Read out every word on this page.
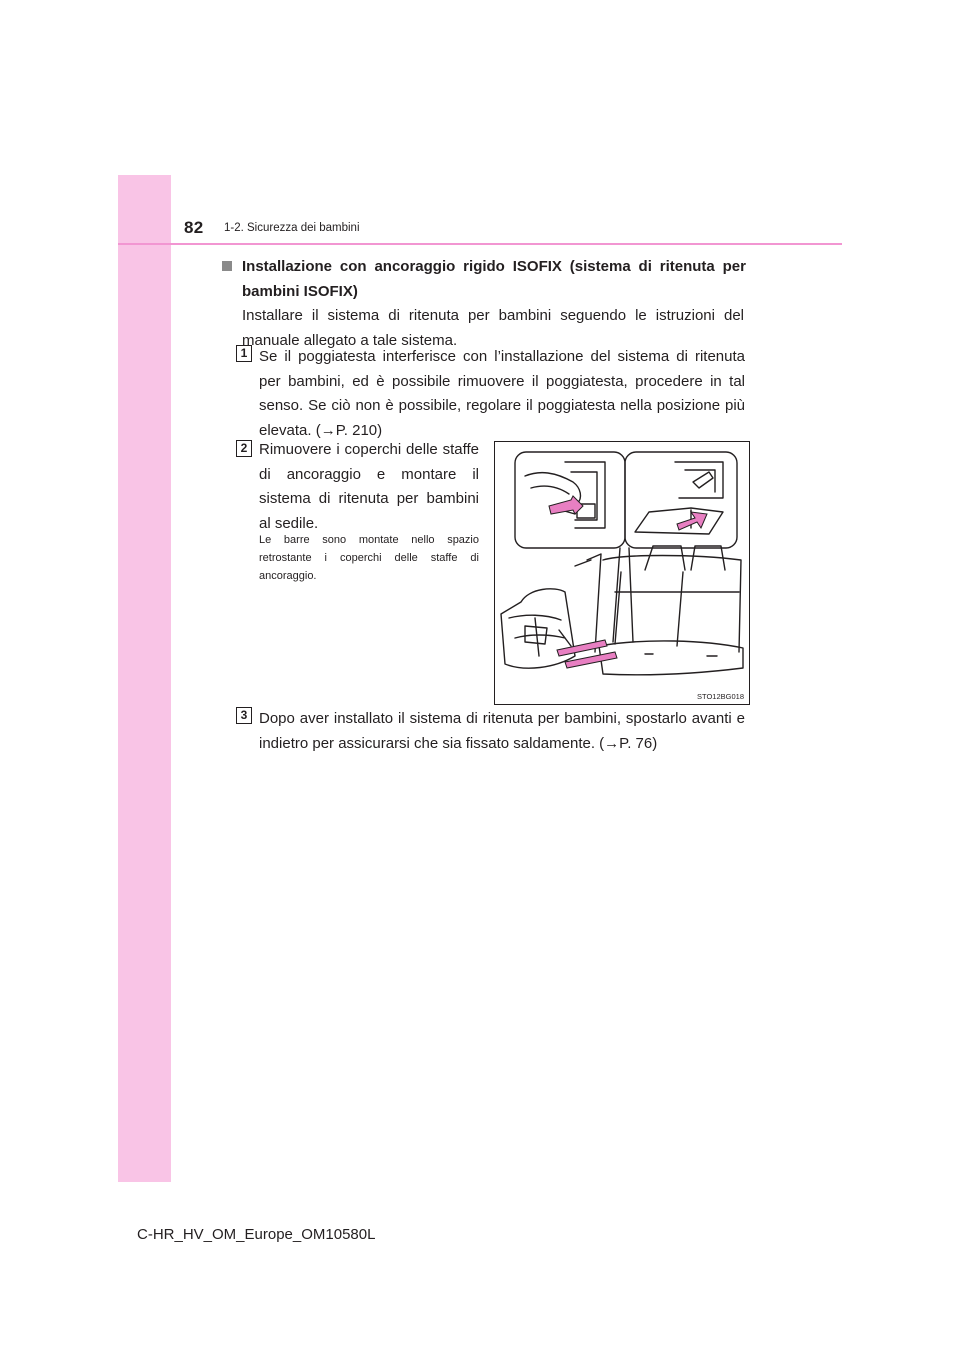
82 1-2. Sicurezza dei bambini
Installazione con ancoraggio rigido ISOFIX (sistema di ritenuta per bambini ISOFIX)
Installare il sistema di ritenuta per bambini seguendo le istruzioni del manuale allegato a tale sistema.
1 Se il poggiatesta interferisce con l’installazione del sistema di ritenuta per bambini, ed è possibile rimuovere il poggiatesta, procedere in tal senso. Se ciò non è possibile, regolare il poggiatesta nella posizione più elevata. (→P. 210)
2 Rimuovere i coperchi delle staffe di ancoraggio e montare il sistema di ritenuta per bambini al sedile.
Le barre sono montate nello spazio retrostante i coperchi delle staffe di ancoraggio.
STO12BG018
3 Dopo aver installato il sistema di ritenuta per bambini, spostarlo avanti e indietro per assicurarsi che sia fissato saldamente. (→P. 76)
C-HR_HV_OM_Europe_OM10580L
